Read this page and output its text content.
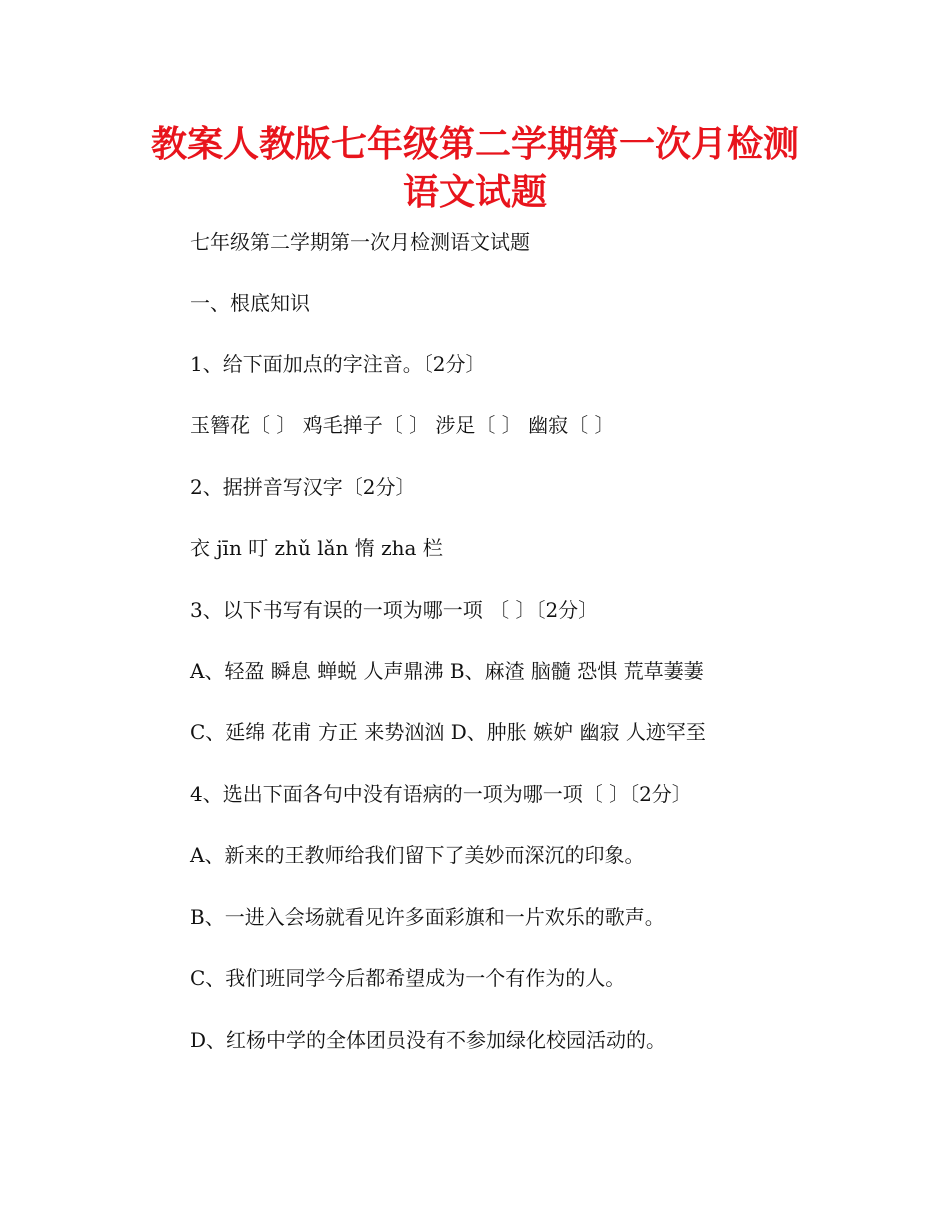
教案人教版七年级第二学期第一次月检测
语文试题
七年级第二学期第一次月检测语文试题
一、根底知识
1、给下面加点的字注音。〔2分〕
玉簪花〔 〕 鸡毛掸子〔 〕 涉足〔 〕 幽寂〔 〕
2、据拼音写汉字〔2分〕
衣 jīn 叮 zhǔ lǎn 惰 zha 栏
3、以下书写有误的一项为哪一项 〔 〕〔2分〕
A、轻盈 瞬息 蝉蜕 人声鼎沸 B、麻渣 脑髓 恐惧 荒草萋萋
C、延绵 花甫 方正 来势汹汹 D、肿胀 嫉妒 幽寂 人迹罕至
4、选出下面各句中没有语病的一项为哪一项〔 〕〔2分〕
A、新来的王教师给我们留下了美妙而深沉的印象。
B、一进入会场就看见许多面彩旗和一片欢乐的歌声。
C、我们班同学今后都希望成为一个有作为的人。
D、红杨中学的全体团员没有不参加绿化校园活动的。
